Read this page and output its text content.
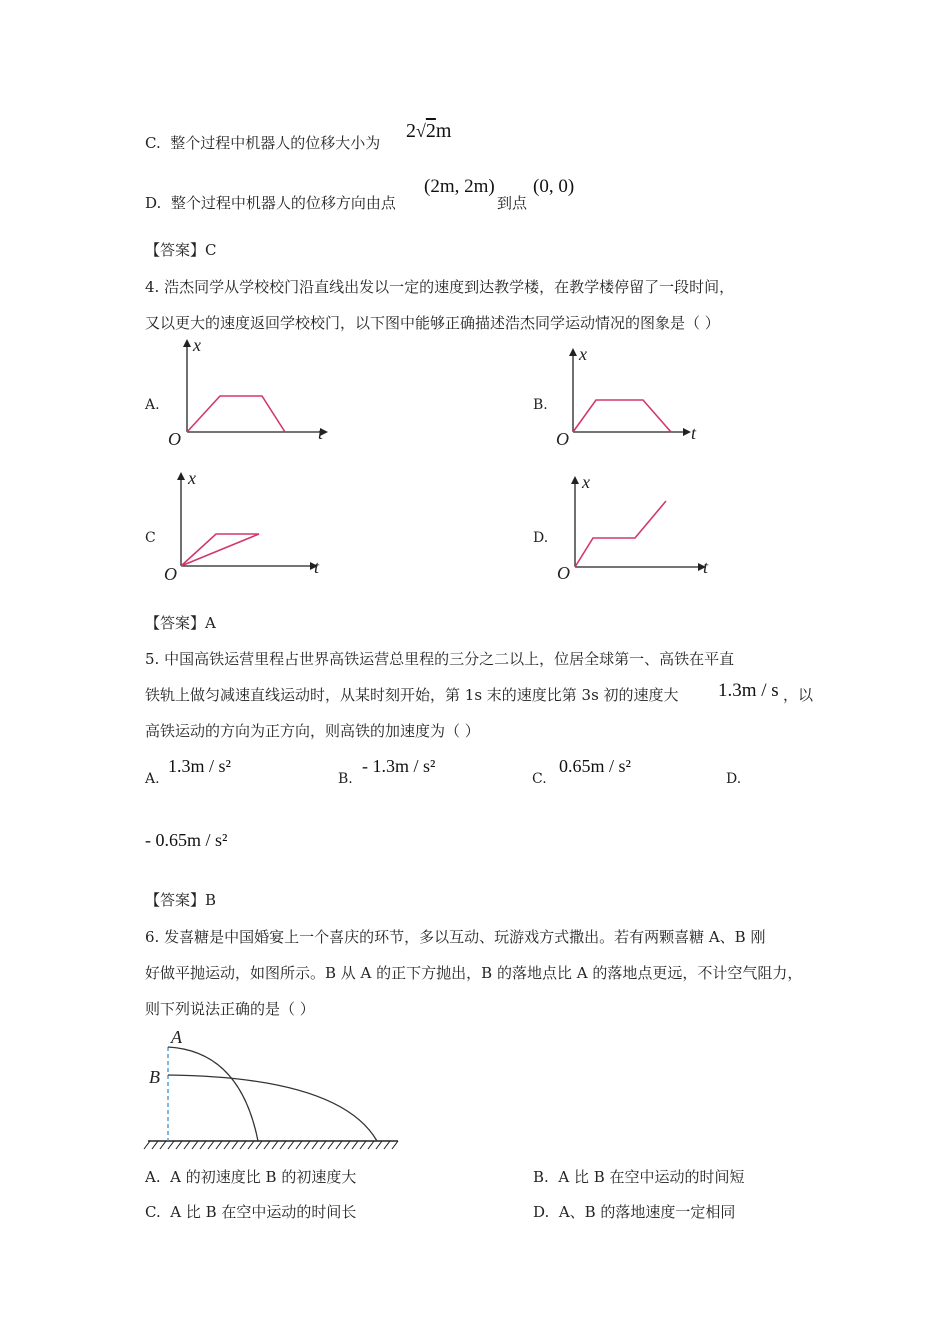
C. 整个过程中机器人的位移大小为
2√2m
D. 整个过程中机器人的位移方向由点
(2m, 2m)
到点
(0, 0)
【答案】C
4. 浩杰同学从学校校门沿直线出发以一定的速度到达教学楼，在教学楼停留了一段时间，
又以更大的速度返回学校校门，以下图中能够正确描述浩杰同学运动情况的图象是（ ）
A.
x
t
O
B.
x
t
O
C
x
t
O
D.
x
t
O
【答案】A
5. 中国高铁运营里程占世界高铁运营总里程的三分之二以上，位居全球第一、高铁在平直
铁轨上做匀减速直线运动时，从某时刻开始，第 1s 末的速度比第 3s 初的速度大 1.3m / s ，以
高铁运动的方向为正方向，则高铁的加速度为（ ）
A.
1.3m / s²
B.
- 1.3m / s²
C.
0.65m / s²
D.
- 0.65m / s²
【答案】B
6. 发喜糖是中国婚宴上一个喜庆的环节，多以互动、玩游戏方式撒出。若有两颗喜糖 A、B 刚
好做平抛运动，如图所示。B 从 A 的正下方抛出，B 的落地点比 A 的落地点更远，不计空气阻力，
则下列说法正确的是（ ）
A
B
A. A 的初速度比 B 的初速度大	B. A 比 B 在空中运动的时间短
C. A 比 B 在空中运动的时间长	D. A、B 的落地速度一定相同
